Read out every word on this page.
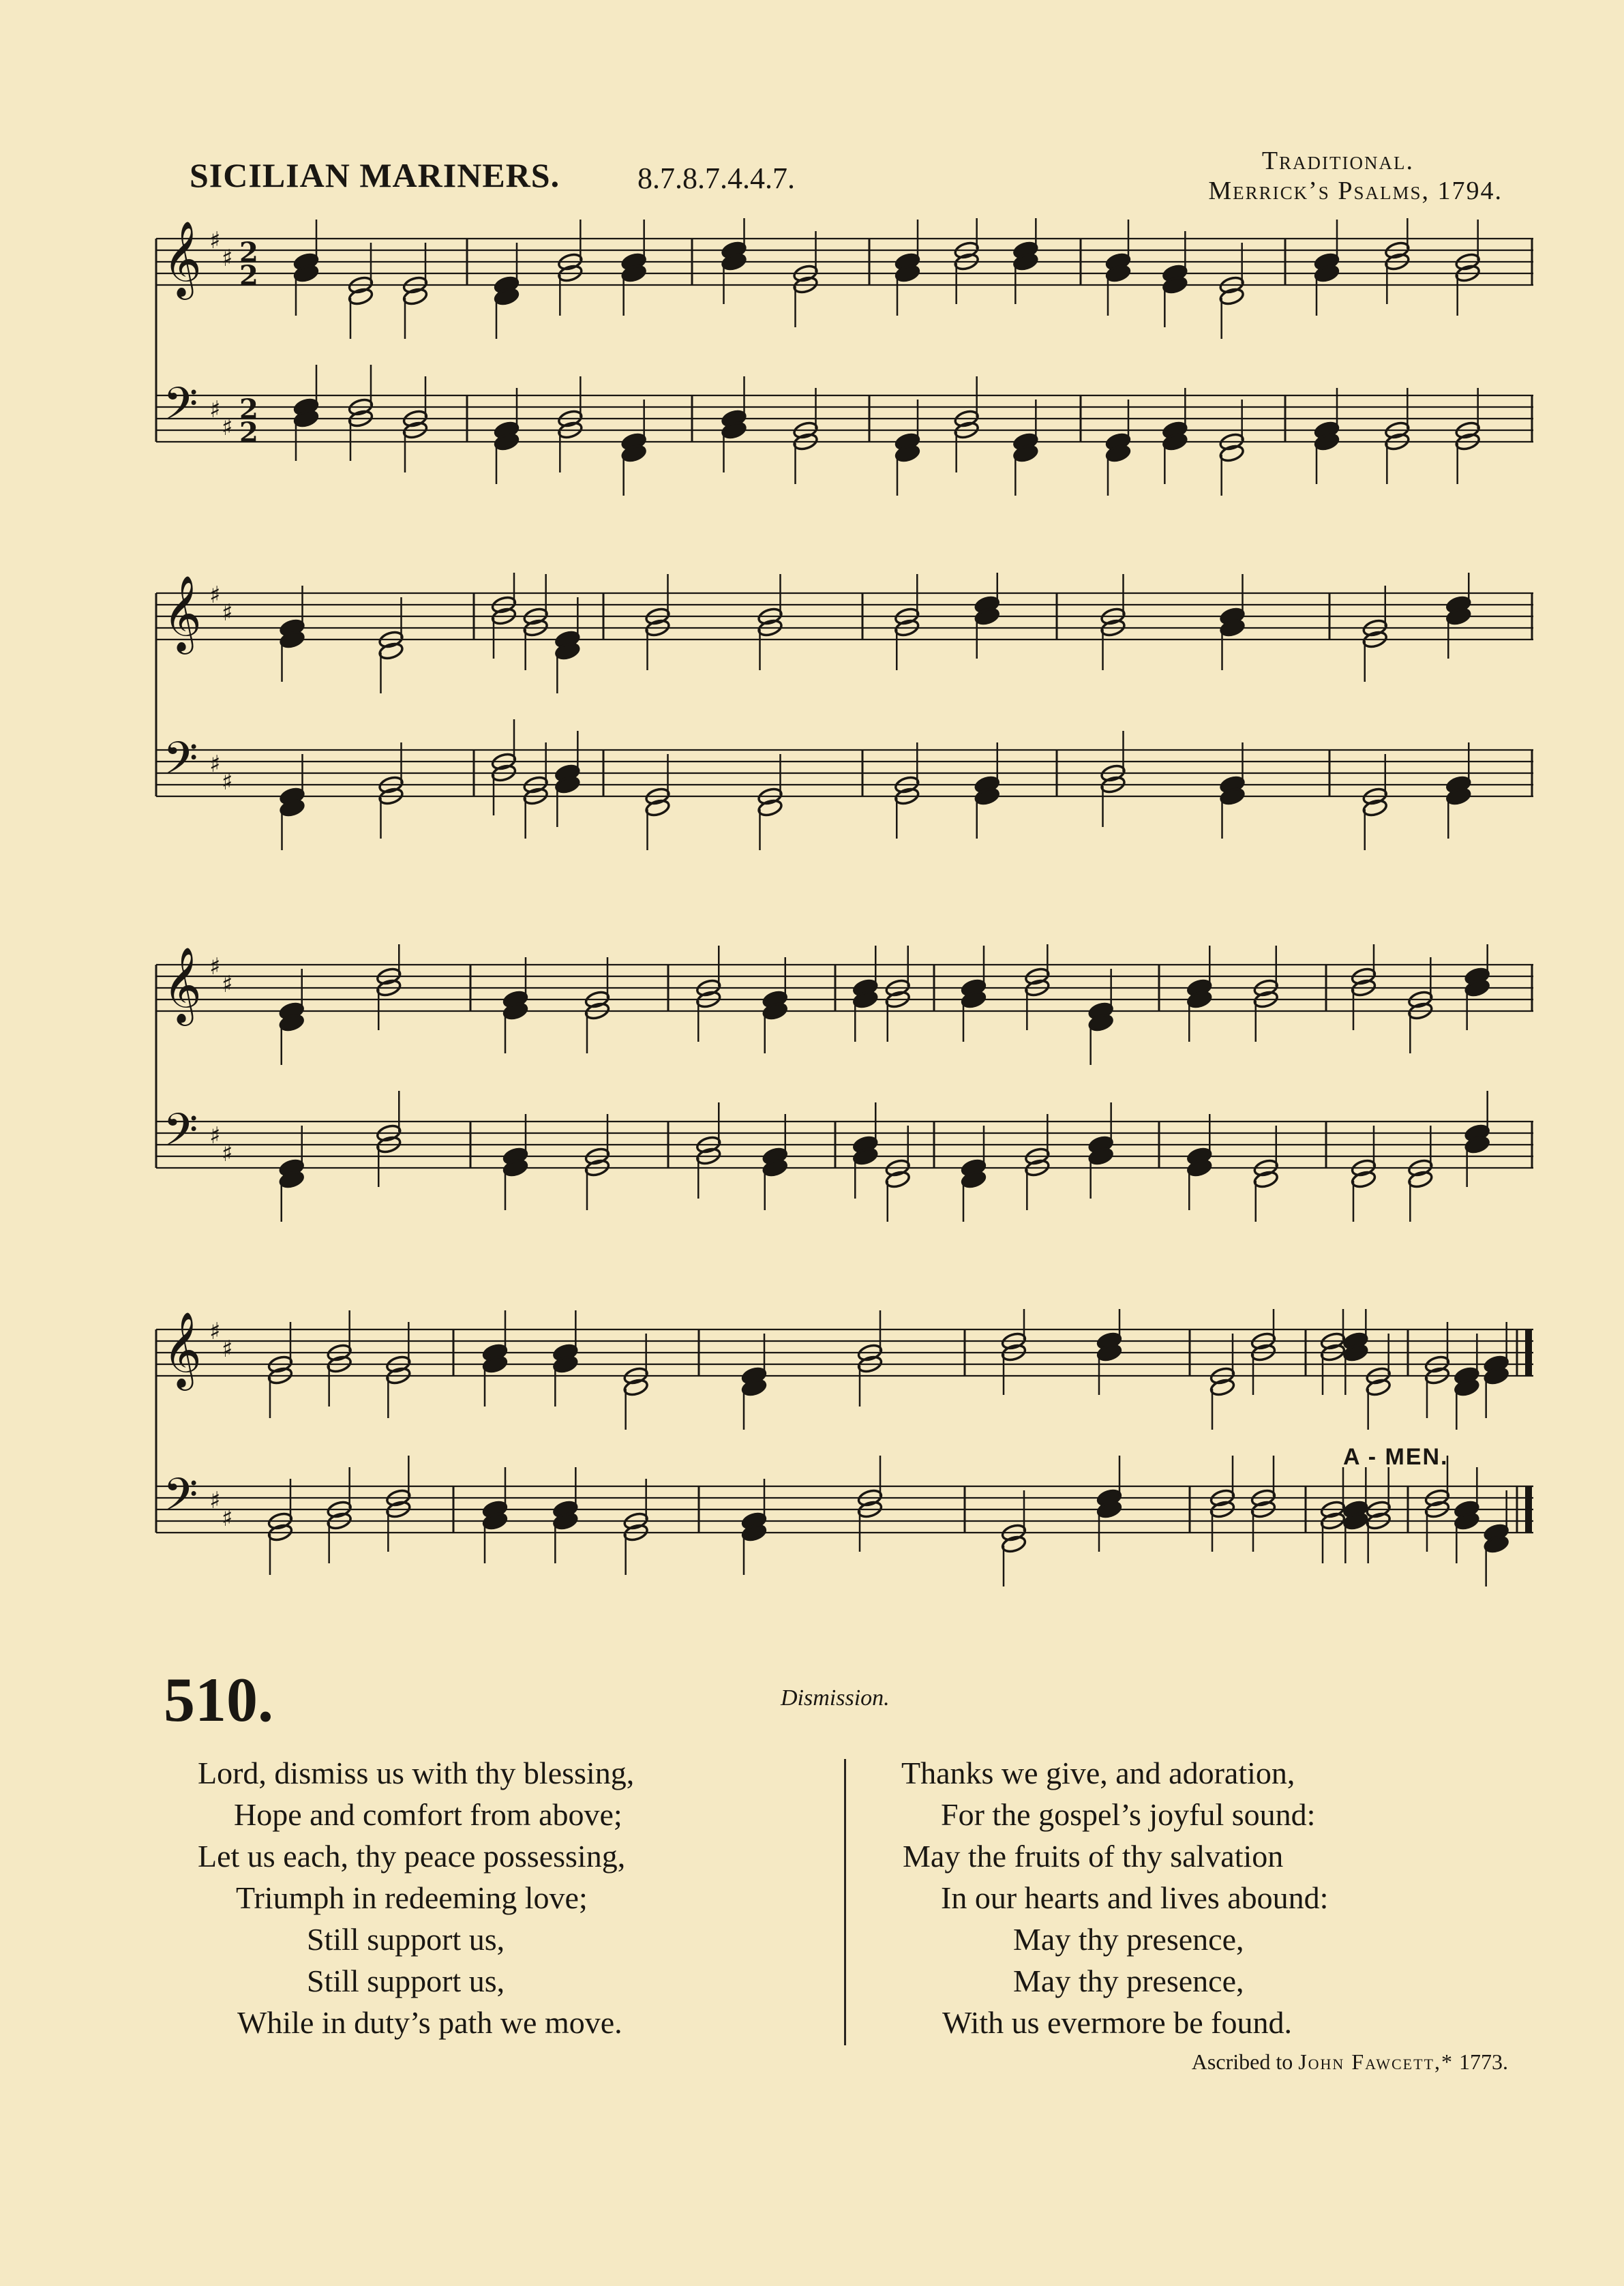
SICILIAN MARINERS.	8.7.8.7.4.4.7.
Traditional.
Merrick’s Psalms, 1794.
𝄞
𝄢
♯
♯
♯
♯
2
2
2
2
𝄞
𝄢
♯
♯
♯
♯
𝄞
𝄢
♯
♯
♯
♯
𝄞
𝄢
♯
♯
♯
♯
A - MEN.
510.	Dismission.
Lord, dismiss us with thy blessing,
Hope and comfort from above;
Let us each, thy peace possessing,
Triumph in redeeming love;
Still support us,
Still support us,
While in duty’s path we move.
Thanks we give, and adoration,
For the gospel’s joyful sound:
May the fruits of thy salvation
In our hearts and lives abound:
May thy presence,
May thy presence,
With us evermore be found.
Ascribed to John Fawcett,* 1773.
